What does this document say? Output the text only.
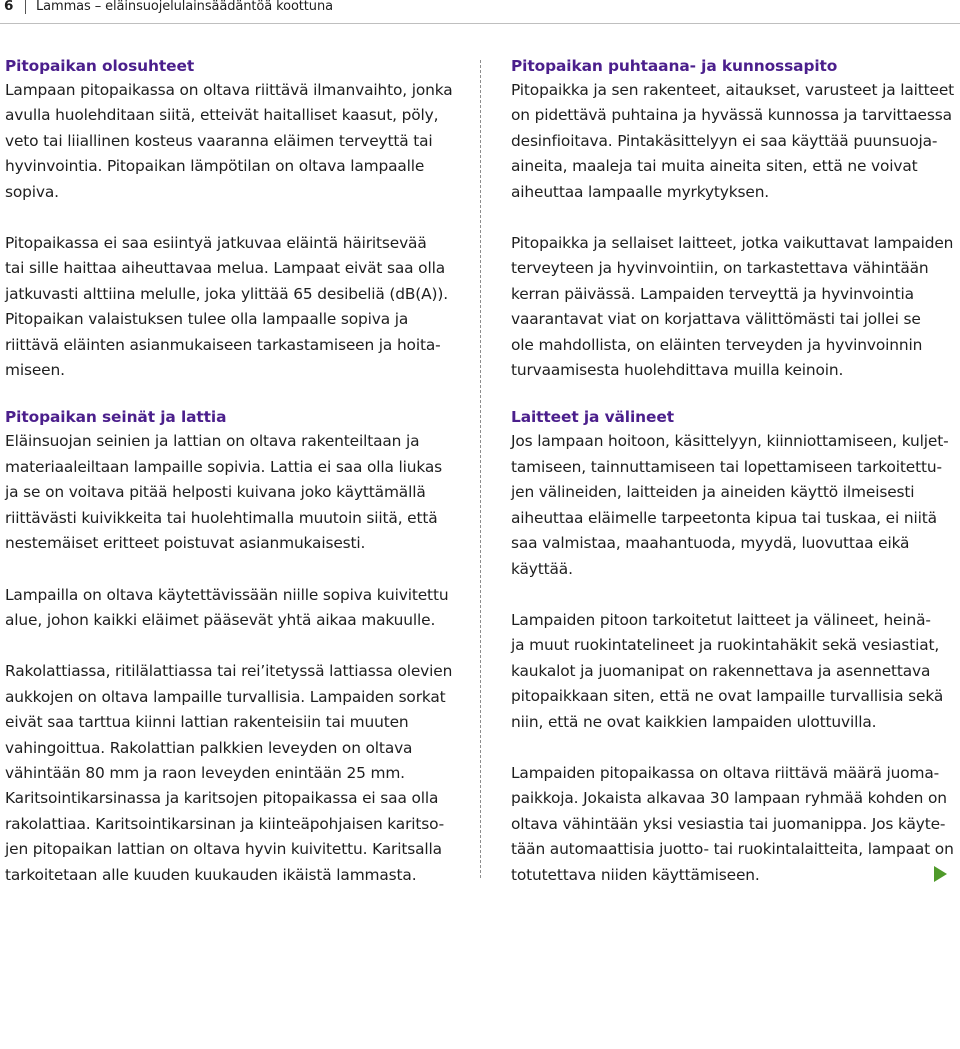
6 Lammas – eläinsuojelulainsäädäntöä koottuna
Pitopaikan olosuhteet
Lampaan pitopaikassa on oltava riittävä ilmanvaihto, jonka
avulla huolehditaan siitä, etteivät haitalliset kaasut, pöly,
veto tai liiallinen kosteus vaaranna eläimen terveyttä tai
hyvinvointia. Pitopaikan lämpötilan on oltava lampaalle
sopiva.
Pitopaikassa ei saa esiintyä jatkuvaa eläintä häiritsevää
tai sille haittaa aiheuttavaa melua. Lampaat eivät saa olla
jatkuvasti alttiina melulle, joka ylittää 65 desibeliä (dB(A)).
Pitopaikan valaistuksen tulee olla lampaalle sopiva ja
riittävä eläinten asianmukaiseen tarkastamiseen ja hoita-
miseen.
Pitopaikan seinät ja lattia
Eläinsuojan seinien ja lattian on oltava rakenteiltaan ja
materiaaleiltaan lampaille sopivia. Lattia ei saa olla liukas
ja se on voitava pitää helposti kuivana joko käyttämällä
riittävästi kuivikkeita tai huolehtimalla muutoin siitä, että
nestemäiset eritteet poistuvat asianmukaisesti.
Lampailla on oltava käytettävissään niille sopiva kuivitettu
alue, johon kaikki eläimet pääsevät yhtä aikaa makuulle.
Rakolattiassa, ritilälattiassa tai rei’itetyssä lattiassa olevien
aukkojen on oltava lampaille turvallisia. Lampaiden sorkat
eivät saa tarttua kiinni lattian rakenteisiin tai muuten
vahingoittua. Rakolattian palkkien leveyden on oltava
vähintään 80 mm ja raon leveyden enintään 25 mm.
Karitsointikarsinassa ja karitsojen pitopaikassa ei saa olla
rakolattiaa. Karitsointikarsinan ja kiinteäpohjaisen karitso-
jen pitopaikan lattian on oltava hyvin kuivitettu. Karitsalla
tarkoitetaan alle kuuden kuukauden ikäistä lammasta.
Pitopaikan puhtaana- ja kunnossapito
Pitopaikka ja sen rakenteet, aitaukset, varusteet ja laitteet
on pidettävä puhtaina ja hyvässä kunnossa ja tarvittaessa
desinfioitava. Pintakäsittelyyn ei saa käyttää puunsuoja-
aineita, maaleja tai muita aineita siten, että ne voivat
aiheuttaa lampaalle myrkytyksen.
Pitopaikka ja sellaiset laitteet, jotka vaikuttavat lampaiden
terveyteen ja hyvinvointiin, on tarkastettava vähintään
kerran päivässä. Lampaiden terveyttä ja hyvinvointia
vaarantavat viat on korjattava välittömästi tai jollei se
ole mahdollista, on eläinten terveyden ja hyvinvoinnin
turvaamisesta huolehdittava muilla keinoin.
Laitteet ja välineet
Jos lampaan hoitoon, käsittelyyn, kiinniottamiseen, kuljet-
tamiseen, tainnuttamiseen tai lopettamiseen tarkoitettu-
jen välineiden, laitteiden ja aineiden käyttö ilmeisesti
aiheuttaa eläimelle tarpeetonta kipua tai tuskaa, ei niitä
saa valmistaa, maahantuoda, myydä, luovuttaa eikä
käyttää.
Lampaiden pitoon tarkoitetut laitteet ja välineet, heinä-
ja muut ruokintatelineet ja ruokintahäkit sekä vesiastiat,
kaukalot ja juomanipat on rakennettava ja asennettava
pitopaikkaan siten, että ne ovat lampaille turvallisia sekä
niin, että ne ovat kaikkien lampaiden ulottuvilla.
Lampaiden pitopaikassa on oltava riittävä määrä juoma-
paikkoja. Jokaista alkavaa 30 lampaan ryhmää kohden on
oltava vähintään yksi vesiastia tai juomanippa. Jos käyte-
tään automaattisia juotto- tai ruokintalaitteita, lampaat on
totutettava niiden käyttämiseen.
